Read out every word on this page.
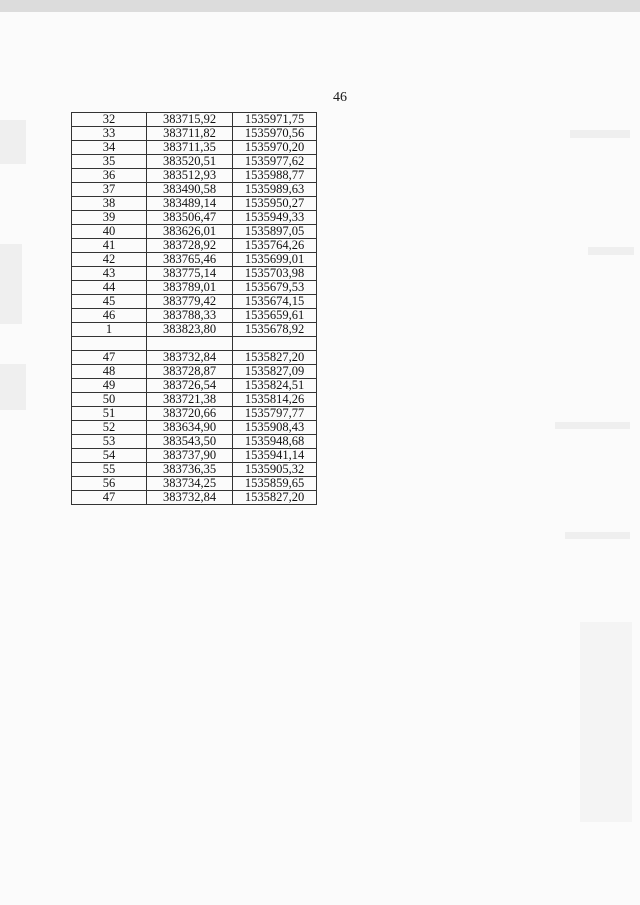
46
32	383715,92	1535971,75
33	383711,82	1535970,56
34	383711,35	1535970,20
35	383520,51	1535977,62
36	383512,93	1535988,77
37	383490,58	1535989,63
38	383489,14	1535950,27
39	383506,47	1535949,33
40	383626,01	1535897,05
41	383728,92	1535764,26
42	383765,46	1535699,01
43	383775,14	1535703,98
44	383789,01	1535679,53
45	383779,42	1535674,15
46	383788,33	1535659,61
1	383823,80	1535678,92

47	383732,84	1535827,20
48	383728,87	1535827,09
49	383726,54	1535824,51
50	383721,38	1535814,26
51	383720,66	1535797,77
52	383634,90	1535908,43
53	383543,50	1535948,68
54	383737,90	1535941,14
55	383736,35	1535905,32
56	383734,25	1535859,65
47	383732,84	1535827,20
